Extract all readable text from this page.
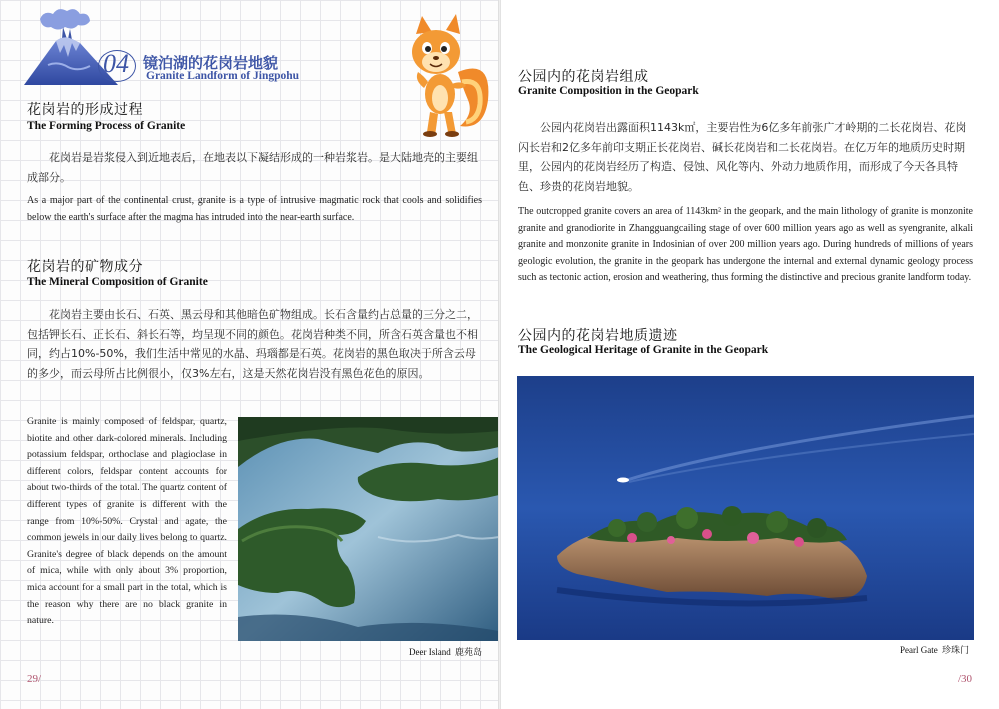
04 镜泊湖的花岗岩地貌
Granite Landform of Jingpohu
花岗岩的形成过程
The Forming Process of Granite

花岗岩是岩浆侵入到近地表后，在地表以下凝结形成的一种岩浆岩。是大陆地壳的主要组成部分。

As a major part of the continental crust, granite is a type of intrusive magmatic rock that cools and solidifies below the earth's surface after the magma has intruded into the near-earth surface.

花岗岩的矿物成分
The Mineral Composition of Granite

花岗岩主要由长石、石英、黑云母和其他暗色矿物组成。长石含量约占总量的三分之二，包括钾长石、正长石、斜长石等，均呈现不同的颜色。花岗岩种类不同，所含石英含量也不相同，约占10%-50%，我们生活中常见的水晶、玛瑙都是石英。花岗岩的黑色取决于所含云母的多少，而云母所占比例很小，仅3%左右，这是天然花岗岩没有黑色花色的原因。

Granite is mainly composed of feldspar, quartz, biotite and other dark-colored minerals. Including potassium feldspar, orthoclase and plagioclase in different colors, feldspar content accounts for about two-thirds of the total. The quartz content of different types of granite is different with the range from 10%-50%. Crystal and agate, the common jewels in our daily lives belong to quartz. Granite's degree of black depends on the amount of mica, while with only about 3% proportion, mica account for a small part in the total, which is the reason why there are no black granite in nature.

Deer Island 鹿苑岛
29/
公园内的花岗岩组成
Granite Composition in the Geopark

公园内花岗岩出露面积1143k㎡，主要岩性为6亿多年前张广才岭期的二长花岗岩、花岗闪长岩和2亿多年前印支期正长花岗岩、碱长花岗岩和二长花岗岩。在亿万年的地质历史时期里，公园内的花岗岩经历了构造、侵蚀、风化等内、外动力地质作用，而形成了今天各具特色、珍贵的花岗岩地貌。

The outcropped granite covers an area of 1143km² in the geopark, and the main lithology of granite is monzonite granite and granodiorite in Zhangguangcailing stage of over 600 million years ago as well as syengranite, alkali granite and monzonite granite in Indosinian of over 200 million years ago. During hundreds of millions of years geologic evolution, the granite in the geopark has undergone the internal and external dynamic geology process such as tectonic action, erosion and weathering, thus forming the distinctive and precious granite landform today.

公园内的花岗岩地质遗迹
The Geological Heritage of Granite in the Geopark
Pearl Gate 珍珠门
/30
